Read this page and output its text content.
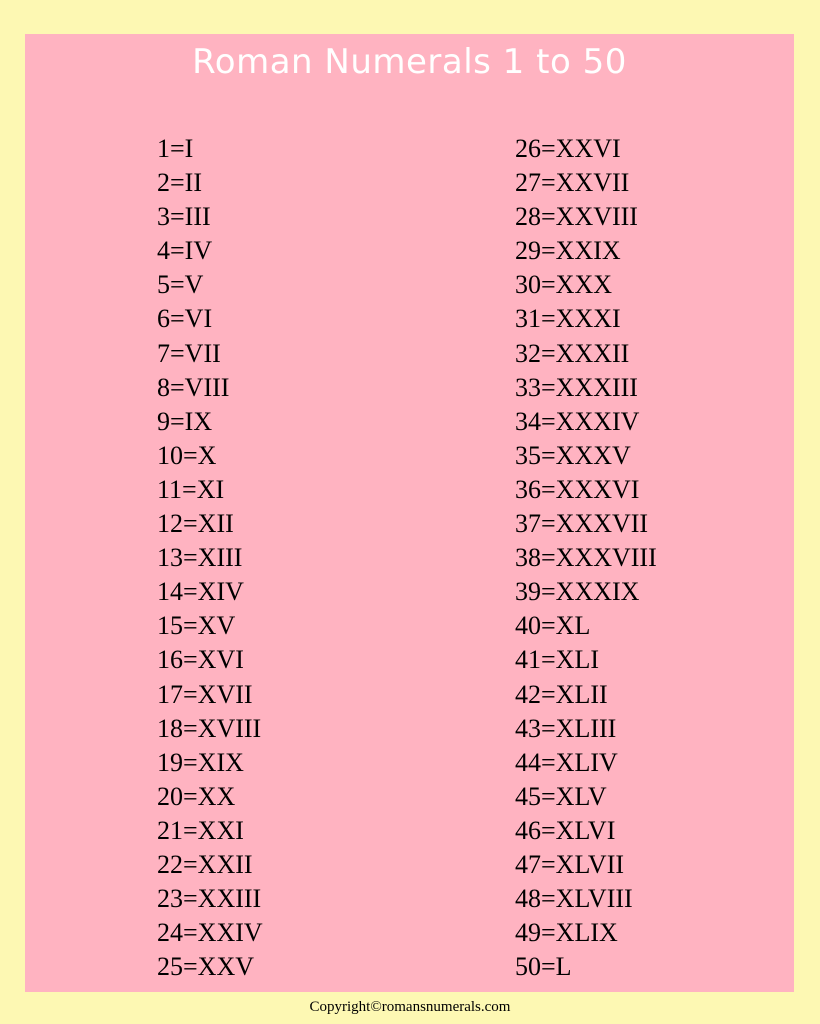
Roman Numerals 1 to 50
1=I
2=II
3=III
4=IV
5=V
6=VI
7=VII
8=VIII
9=IX
10=X
11=XI
12=XII
13=XIII
14=XIV
15=XV
16=XVI
17=XVII
18=XVIII
19=XIX
20=XX
21=XXI
22=XXII
23=XXIII
24=XXIV
25=XXV
26=XXVI
27=XXVII
28=XXVIII
29=XXIX
30=XXX
31=XXXI
32=XXXII
33=XXXIII
34=XXXIV
35=XXXV
36=XXXVI
37=XXXVII
38=XXXVIII
39=XXXIX
40=XL
41=XLI
42=XLII
43=XLIII
44=XLIV
45=XLV
46=XLVI
47=XLVII
48=XLVIII
49=XLIX
50=L
Copyright©romansnumerals.com
